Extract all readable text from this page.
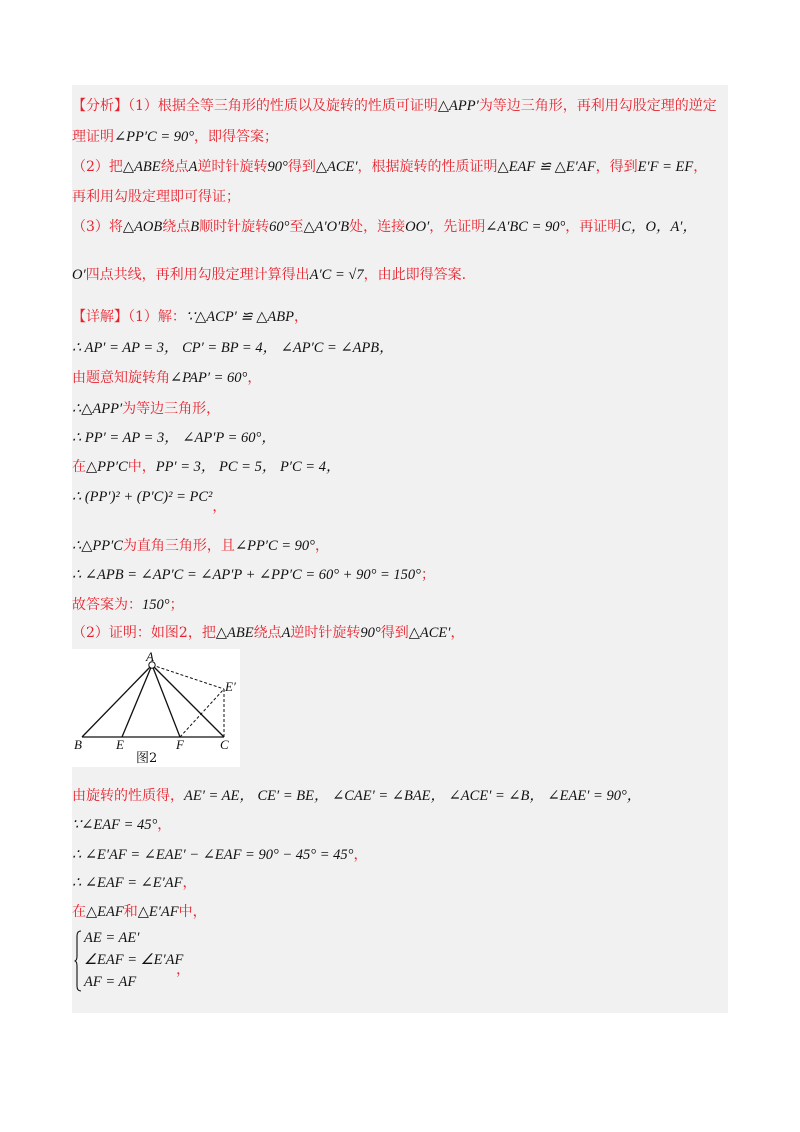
【分析】（1）根据全等三角形的性质以及旋转的性质可证明△APP′为等边三角形，再利用勾股定理的逆定
理证明∠PP′C = 90°，即得答案；
（2）把△ABE绕点A逆时针旋转90°得到△ACE′，根据旋转的性质证明△EAF ≌ △E′AF，得到E′F = EF，
再利用勾股定理即可得证；
（3）将△AOB绕点B顺时针旋转60°至△A′O′B处，连接OO′，先证明∠A′BC = 90°，再证明C，O，A′，
O′四点共线，再利用勾股定理计算得出A′C = √7，由此即得答案.
【详解】（1）解：∵△ACP′ ≌ △ABP，
∴ AP′ = AP = 3， CP′ = BP = 4， ∠AP′C = ∠APB，
由题意知旋转角∠PAP′ = 60°，
∴△APP′为等边三角形，
∴ PP′ = AP = 3， ∠AP′P = 60°，
在△PP′C中，PP′ = 3， PC = 5， P′C = 4，
∴ (PP′)² + (P′C)² = PC²，
∴△PP′C为直角三角形，且∠PP′C = 90°，
∴ ∠APB = ∠AP′C = ∠AP′P + ∠PP′C = 60° + 90° = 150°；
故答案为：150°；
（2）证明：如图2，把△ABE绕点A逆时针旋转90°得到△ACE′，
A
E′
B	E	F	C
图2
由旋转的性质得，AE′ = AE， CE′ = BE， ∠CAE′ = ∠BAE， ∠ACE′ = ∠B， ∠EAE′ = 90°，
∵∠EAF = 45°，
∴ ∠E′AF = ∠EAE′ − ∠EAF = 90° − 45° = 45°，
∴ ∠EAF = ∠E′AF，
在△EAF和△E′AF中，
AE = AE′
∠EAF = ∠E′AF
AF = AF
，
